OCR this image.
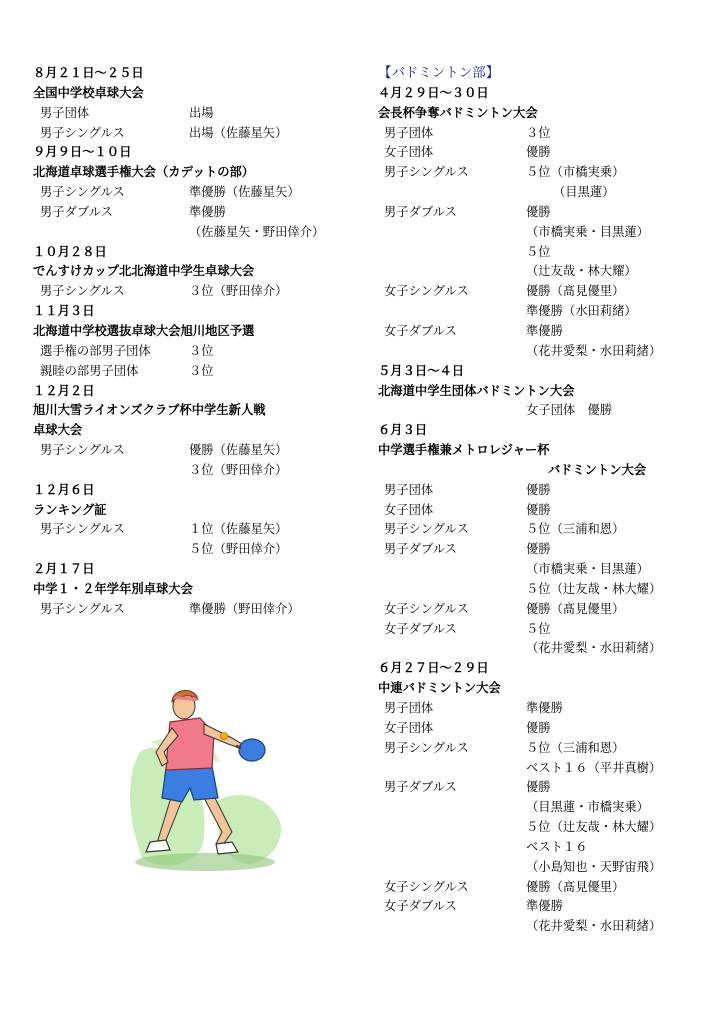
８月２１日～２５日
全国中学校卓球大会
男子団体	出場
男子シングルス	出場（佐藤星矢）
９月９日～１０日
北海道卓球選手権大会（カデットの部）
男子シングルス	準優勝（佐藤星矢）
男子ダブルス	準優勝
（佐藤星矢・野田倖介）
１０月２８日
でんすけカップ北北海道中学生卓球大会
男子シングルス	３位（野田倖介）
１１月３日
北海道中学校選抜卓球大会旭川地区予選
選手権の部男子団体	３位
親睦の部男子団体	３位
１２月２日
旭川大雪ライオンズクラブ杯中学生新人戦
卓球大会
男子シングルス	優勝（佐藤星矢）
３位（野田倖介）
１２月６日
ランキング証
男子シングルス	１位（佐藤星矢）
５位（野田倖介）
２月１７日
中学１・２年学年別卓球大会
男子シングルス	準優勝（野田倖介）
【バドミントン部】
４月２９日～３０日
会長杯争奪バドミントン大会
男子団体	３位
女子団体	優勝
男子シングルス	５位（市橋実乗）
（目黒蓮）
男子ダブルス	優勝
（市橋実乗・目黒蓮）
５位
（辻友哉・林大耀）
女子シングルス	優勝（髙見優里）
準優勝（水田莉緒）
女子ダブルス	準優勝
（花井愛梨・水田莉緒）
５月３日～４日
北海道中学生団体バドミントン大会
女子団体　優勝
６月３日
中学選手権兼メトロレジャー杯
バドミントン大会
男子団体	優勝
女子団体	優勝
男子シングルス	５位（三浦和恩）
男子ダブルス	優勝
（市橋実乗・目黒蓮）
５位（辻友哉・林大耀）
女子シングルス	優勝（髙見優里）
女子ダブルス	５位
（花井愛梨・水田莉緒）
６月２７日～２９日
中連バドミントン大会
男子団体	準優勝
女子団体	優勝
男子シングルス	５位（三浦和恩）
ベスト１６（平井真樹）
男子ダブルス	優勝
（目黒蓮・市橋実乗）
５位（辻友哉・林大耀）
ベスト１６
（小島知也・天野宙飛）
女子シングルス	優勝（髙見優里）
女子ダブルス	準優勝
（花井愛梨・水田莉緒）
